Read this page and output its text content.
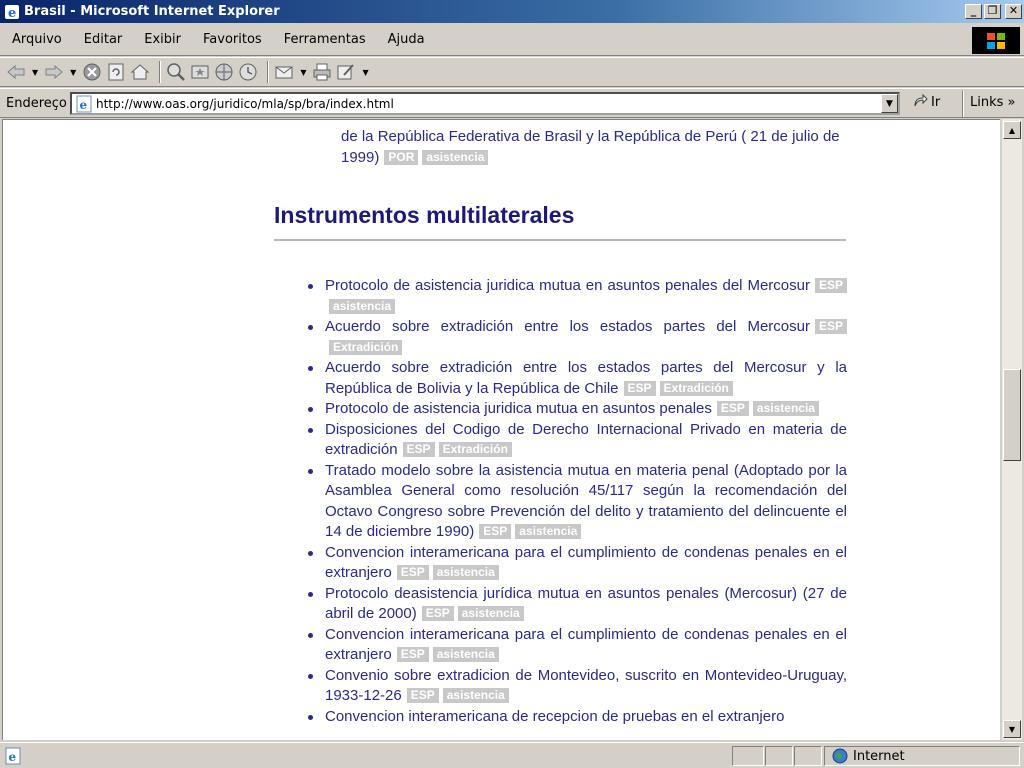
e Brasil - Microsoft Internet Explorer	_	❐	✕
Arquivo	Editar	Exibir	Favoritos	Ferramentas	Ajuda
▼	▼	▼	▼
Endereço e
http://www.oas.org/juridico/mla/sp/bra/index.html	▼	Ir Links »
de la República Federativa de Brasil y la República de Perú ( 21 de julio de 1999) POR asistencia
Instrumentos multilaterales
Protocolo de asistencia juridica mutua en asuntos penales del Mercosur ESPasistencia
Acuerdo sobre extradición entre los estados partes del Mercosur ESPExtradición
Acuerdo sobre extradición entre los estados partes del Mercosur y la República de Bolivia y la República de Chile ESP Extradición
Protocolo de asistencia juridica mutua en asuntos penales ESP asistencia
Disposiciones del Codigo de Derecho Internacional Privado en materia de extradición ESP Extradición
Tratado modelo sobre la asistencia mutua en materia penal (Adoptado por la Asamblea General como resolución 45/117 según la recomendación del Octavo Congreso sobre Prevención del delito y tratamiento del delincuente el 14 de diciembre 1990) ESP asistencia
Convencion interamericana para el cumplimiento de condenas penales en el extranjero ESP asistencia
Protocolo deasistencia jurídica mutua en asuntos penales (Mercosur) (27 de abril de 2000) ESP asistencia
Convencion interamericana para el cumplimiento de condenas penales en el extranjero ESP asistencia
Convenio sobre extradicion de Montevideo, suscrito en Montevideo-Uruguay, 1933-12-26 ESP asistencia
Convencion interamericana de recepcion de pruebas en el extranjero
▲
▼
e	Internet
